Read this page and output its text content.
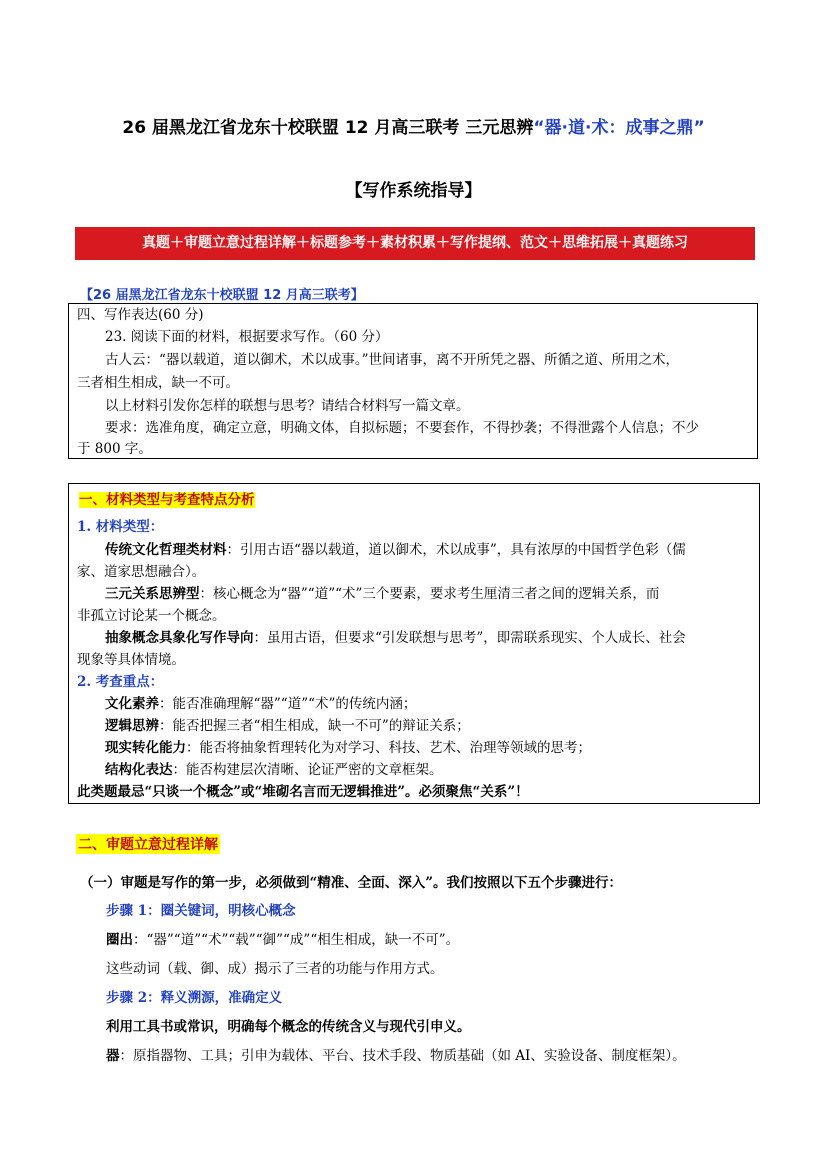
26 届黑龙江省龙东十校联盟 12 月高三联考 三元思辨“器·道·术：成事之鼎”
【写作系统指导】
真题＋审题立意过程详解＋标题参考＋素材积累＋写作提纲、范文＋思维拓展＋真题练习
【26 届黑龙江省龙东十校联盟 12 月高三联考】
四、写作表达(60 分)
23. 阅读下面的材料，根据要求写作。（60 分）
古人云：“器以载道，道以御术，术以成事。”世间诸事，离不开所凭之器、所循之道、所用之术，
三者相生相成，缺一不可。
以上材料引发你怎样的联想与思考？请结合材料写一篇文章。
要求：选准角度，确定立意，明确文体，自拟标题；不要套作，不得抄袭；不得泄露个人信息；不少
于 800 字。
一、材料类型与考查特点分析
1. 材料类型：
传统文化哲理类材料：引用古语“器以载道，道以御术，术以成事”，具有浓厚的中国哲学色彩（儒
家、道家思想融合）。
三元关系思辨型：核心概念为“器”“道”“术”三个要素，要求考生厘清三者之间的逻辑关系，而
非孤立讨论某一个概念。
抽象概念具象化写作导向：虽用古语，但要求“引发联想与思考”，即需联系现实、个人成长、社会
现象等具体情境。
2. 考查重点：
文化素养：能否准确理解“器”“道”“术”的传统内涵；
逻辑思辨：能否把握三者“相生相成，缺一不可”的辩证关系；
现实转化能力：能否将抽象哲理转化为对学习、科技、艺术、治理等领域的思考；
结构化表达：能否构建层次清晰、论证严密的文章框架。
此类题最忌“只谈一个概念”或“堆砌名言而无逻辑推进”。必须聚焦“关系”！
二、审题立意过程详解
（一）审题是写作的第一步，必须做到“精准、全面、深入”。我们按照以下五个步骤进行：
步骤 1：圈关键词，明核心概念
圈出：“器”“道”“术”“载”“御”“成”“相生相成，缺一不可”。
这些动词（载、御、成）揭示了三者的功能与作用方式。
步骤 2：释义溯源，准确定义
利用工具书或常识，明确每个概念的传统含义与现代引申义。
器：原指器物、工具；引申为载体、平台、技术手段、物质基础（如 AI、实验设备、制度框架）。
